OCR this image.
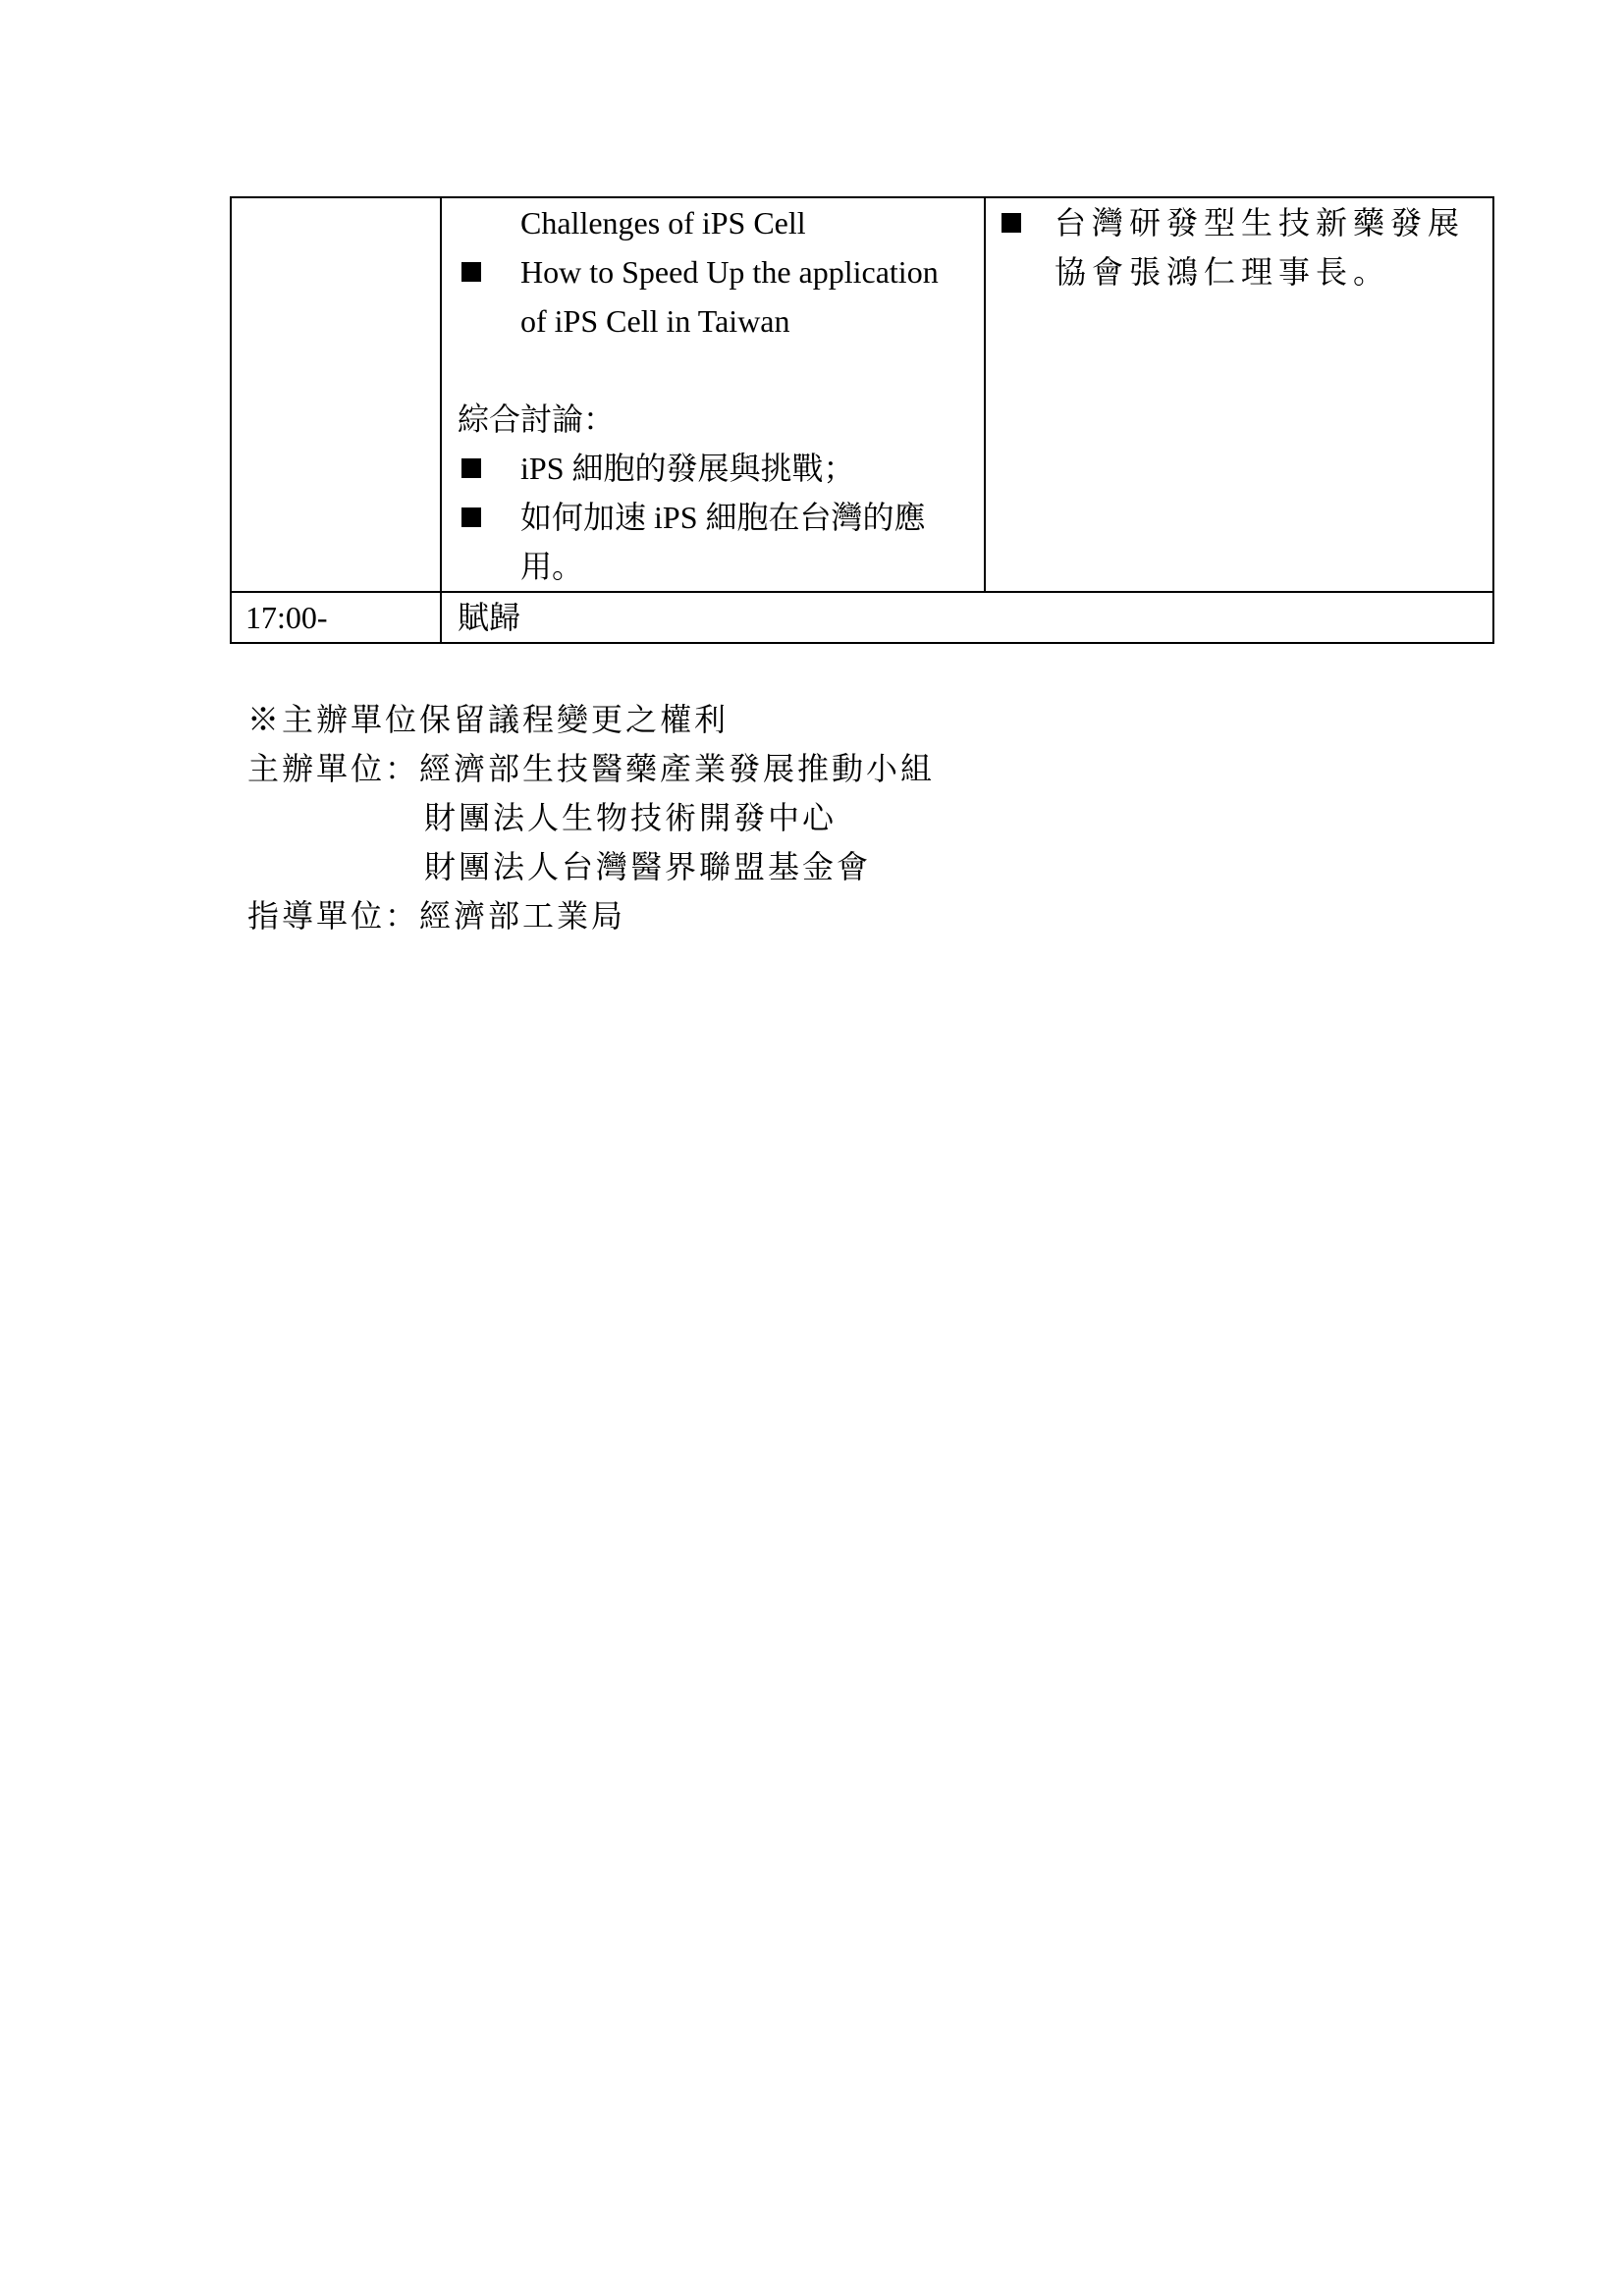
	Challenges of iPS Cell
How to Speed Up the application of iPS Cell in Taiwan
綜合討論：
iPS 細胞的發展與挑戰；
如何加速 iPS 細胞在台灣的應用。	台灣研發型生技新藥發展協會張鴻仁理事長。

17:00-	賦歸	
※主辦單位保留議程變更之權利
主辦單位：經濟部生技醫藥產業發展推動小組
財團法人生物技術開發中心
財團法人台灣醫界聯盟基金會
指導單位：經濟部工業局
